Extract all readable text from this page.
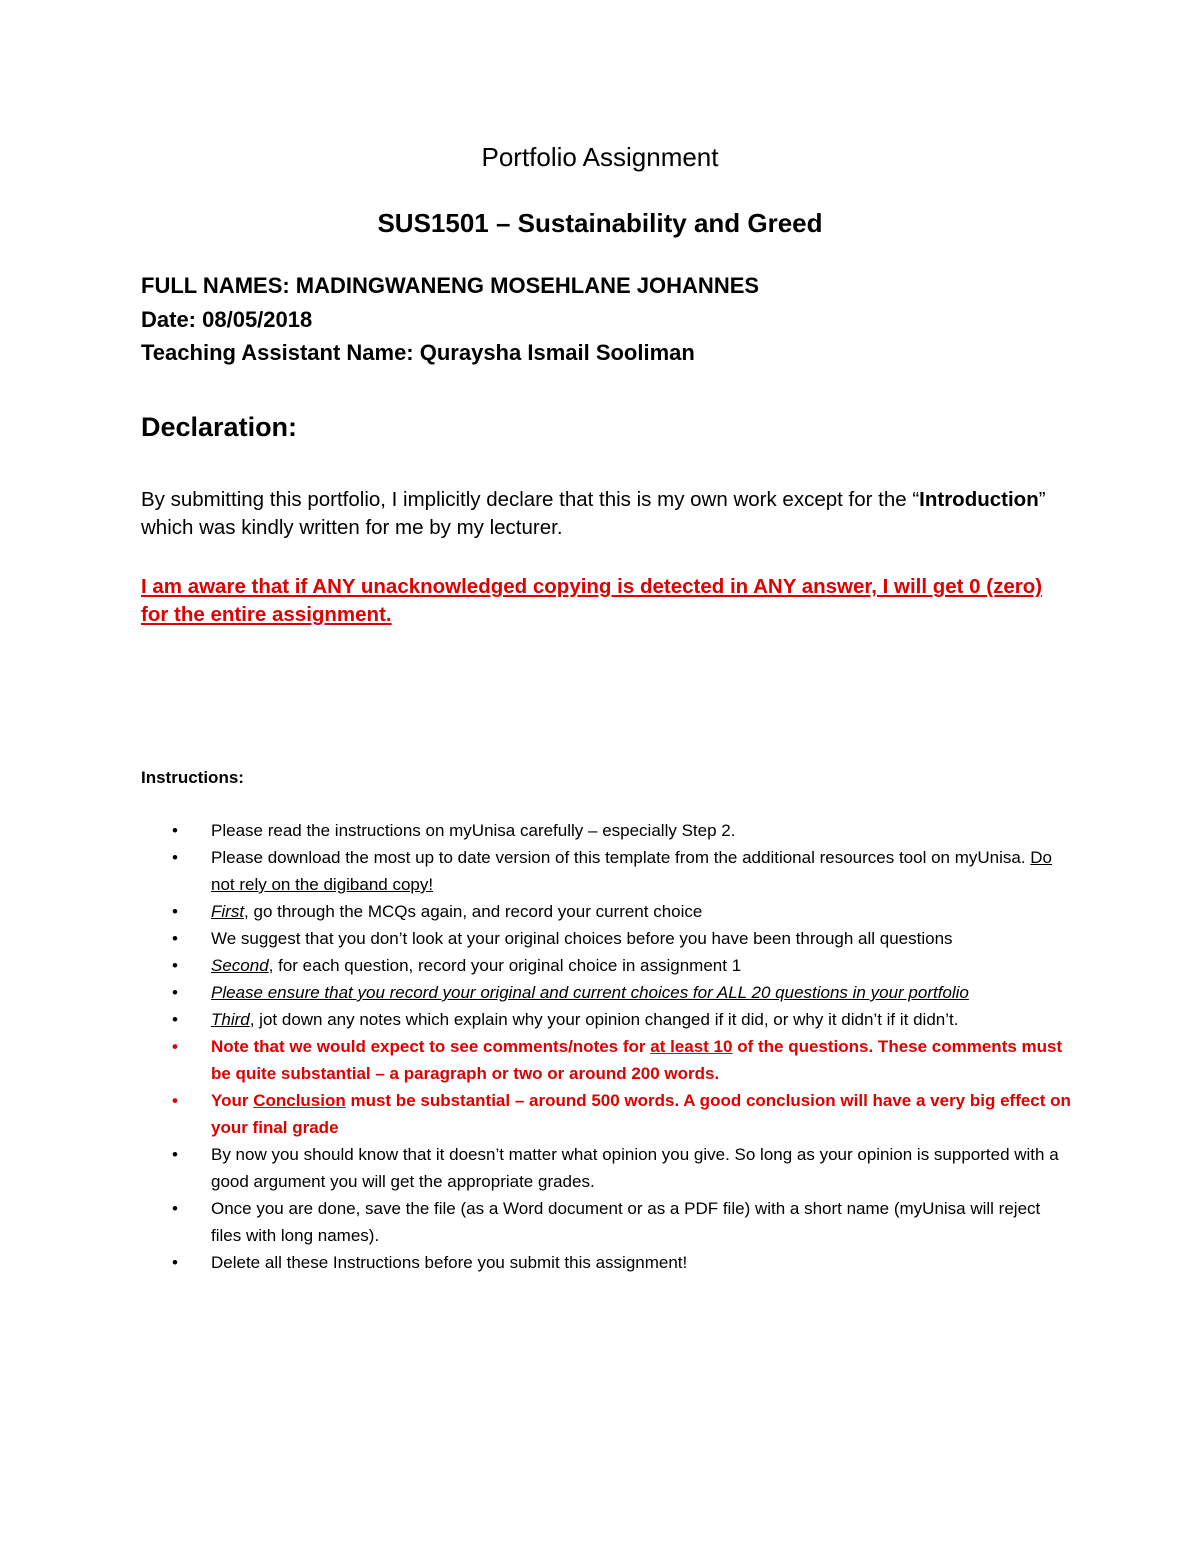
Portfolio Assignment
SUS1501 – Sustainability and Greed
FULL NAMES: MADINGWANENG MOSEHLANE JOHANNES
Date: 08/05/2018
Teaching Assistant Name: Quraysha Ismail Sooliman
Declaration:
By submitting this portfolio, I implicitly declare that this is my own work except for the “Introduction” which was kindly written for me by my lecturer.
I am aware that if ANY unacknowledged copying is detected in ANY answer, I will get 0 (zero) for the entire assignment.
Instructions:
• Please read the instructions on myUnisa carefully – especially Step 2.
• Please download the most up to date version of this template from the additional resources tool on myUnisa. Do not rely on the digiband copy!
• First, go through the MCQs again, and record your current choice
• We suggest that you don’t look at your original choices before you have been through all questions
• Second, for each question, record your original choice in assignment 1
• Please ensure that you record your original and current choices for ALL 20 questions in your portfolio
• Third, jot down any notes which explain why your opinion changed if it did, or why it didn’t if it didn’t.
• Note that we would expect to see comments/notes for at least 10 of the questions. These comments must be quite substantial – a paragraph or two or around 200 words.
• Your Conclusion must be substantial – around 500 words. A good conclusion will have a very big effect on your final grade
• By now you should know that it doesn’t matter what opinion you give. So long as your opinion is supported with a good argument you will get the appropriate grades.
• Once you are done, save the file (as a Word document or as a PDF file) with a short name (myUnisa will reject files with long names).
• Delete all these Instructions before you submit this assignment!
